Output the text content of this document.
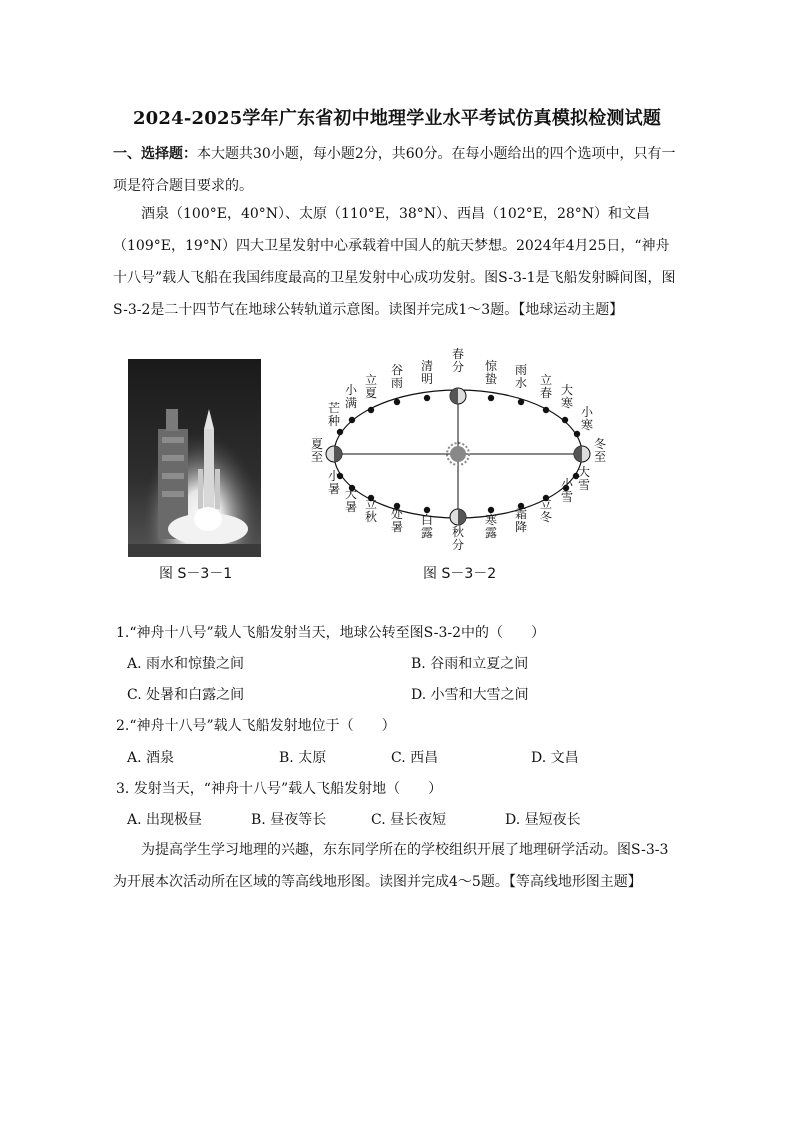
2024-2025学年广东省初中地理学业水平考试仿真模拟检测试题
一、选择题：本大题共30小题，每小题2分，共60分。在每小题给出的四个选项中，只有一项是符合题目要求的。
酒泉（100°E，40°N）、太原（110°E，38°N）、西昌（102°E，28°N）和文昌（109°E，19°N）四大卫星发射中心承载着中国人的航天梦想。2024年4月25日，“神舟十八号”载人飞船在我国纬度最高的卫星发射中心成功发射。图S-3-1是飞船发射瞬间图，图S-3-2是二十四节气在地球公转轨道示意图。读图并完成1～3题。【地球运动主题】
图 S－3－1
春分 惊蛰
雨水 立春 大寒
清明
谷雨
立夏
小满
芒种
夏至
小暑 大暑 立秋 处暑 白露 秋分
寒露
霜降
立冬
小雪
大雪
小寒
冬至
图 S－3－2
1.“神舟十八号”载人飞船发射当天，地球公转至图S-3-2中的（　　）
A. 雨水和惊蛰之间	B. 谷雨和立夏之间
C. 处暑和白露之间	D. 小雪和大雪之间
2.“神舟十八号”载人飞船发射地位于（　　）
A. 酒泉	B. 太原	C. 西昌	D. 文昌
3. 发射当天，“神舟十八号”载人飞船发射地（　　）
A. 出现极昼	B. 昼夜等长	C. 昼长夜短	D. 昼短夜长
为提高学生学习地理的兴趣，东东同学所在的学校组织开展了地理研学活动。图S-3-3为开展本次活动所在区域的等高线地形图。读图并完成4～5题。【等高线地形图主题】
